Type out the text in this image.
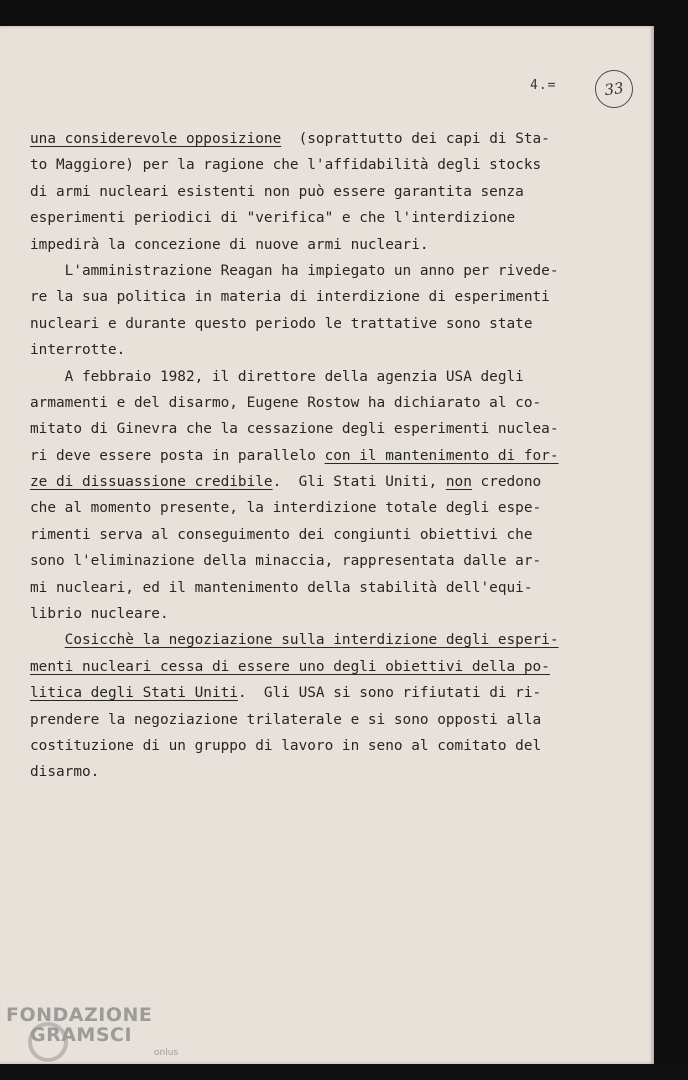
4.=	33
una considerevole opposizione  (soprattutto dei capi di Sta-
to Maggiore) per la ragione che l'affidabilità degli stocks
di armi nucleari esistenti non può essere garantita senza
esperimenti periodici di "verifica" e che l'interdizione
impedirà la concezione di nuove armi nucleari.
L'amministrazione Reagan ha impiegato un anno per rivede-
re la sua politica in materia di interdizione di esperimenti
nucleari e durante questo periodo le trattative sono state
interrotte.
A febbraio 1982, il direttore della agenzia USA degli
armamenti e del disarmo, Eugene Rostow ha dichiarato al co-
mitato di Ginevra che la cessazione degli esperimenti nuclea-
ri deve essere posta in parallelo con il mantenimento di for-
ze di dissuassione credibile.  Gli Stati Uniti, non credono
che al momento presente, la interdizione totale degli espe-
rimenti serva al conseguimento dei congiunti obiettivi che
sono l'eliminazione della minaccia, rappresentata dalle ar-
mi nucleari, ed il mantenimento della stabilità dell'equi-
librio nucleare.
Cosicchè la negoziazione sulla interdizione degli esperi-
menti nucleari cessa di essere uno degli obiettivi della po-
litica degli Stati Uniti.  Gli USA si sono rifiutati di ri-
prendere la negoziazione trilaterale e si sono opposti alla
costituzione di un gruppo di lavoro in seno al comitato del
disarmo.
FONDAZIONE
GRAMSCI
onlus
